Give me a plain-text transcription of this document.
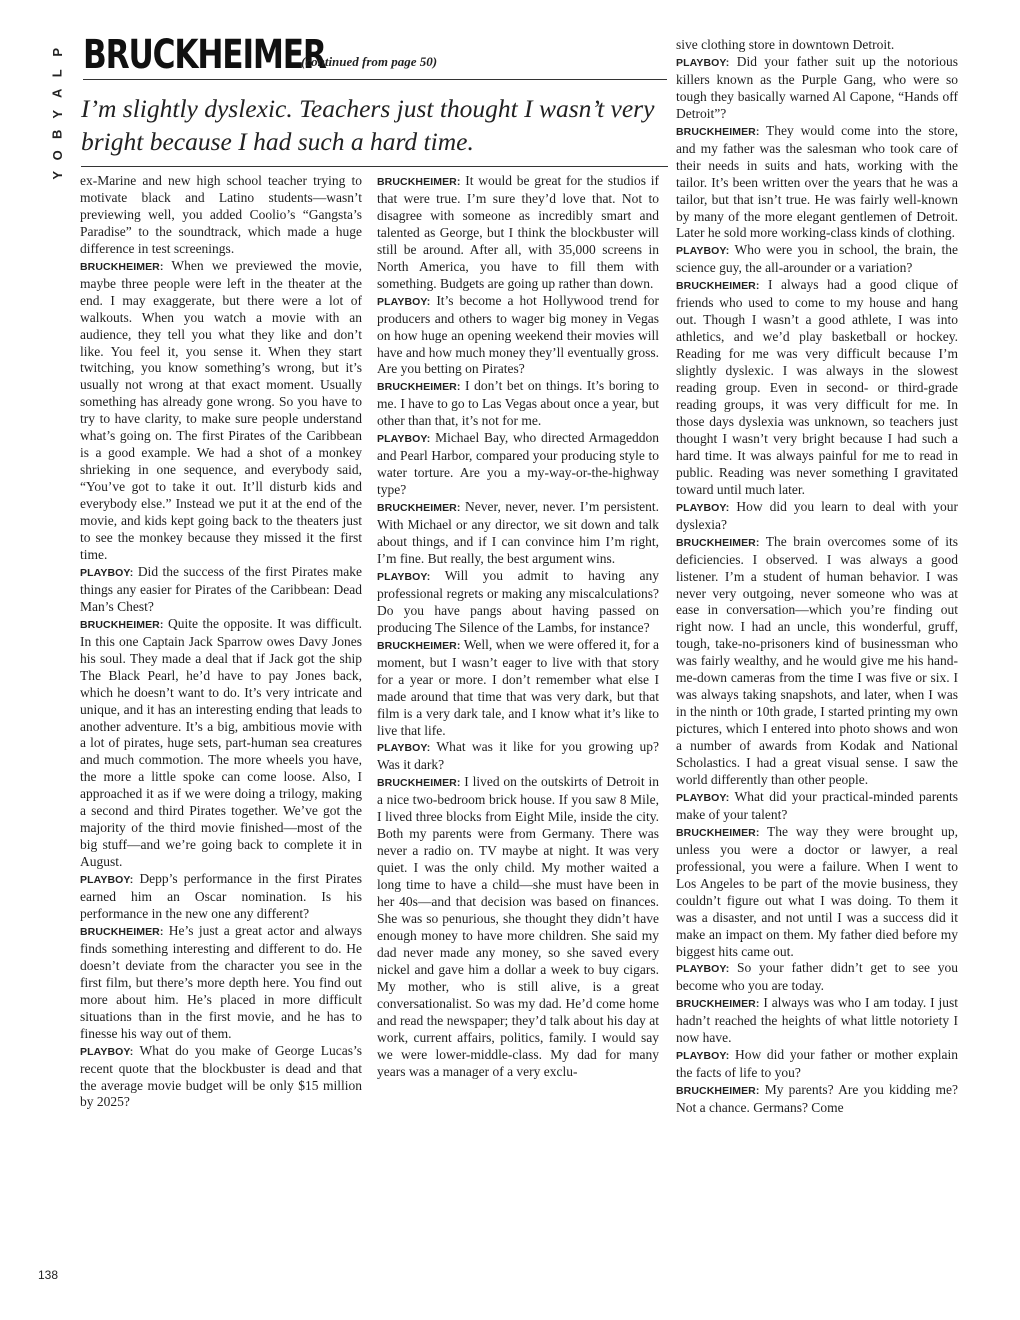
P
L
A
Y
B
O
Y
BRUCKHEIMER
(continued from page 50)
I’m slightly dyslexic. Teachers just thought I wasn’t very bright because I had such a hard time.

ex-Marine and new high school teacher trying to motivate black and Latino students—wasn’t previewing well, you added Coolio’s “Gangsta’s Paradise” to the soundtrack, which made a huge difference in test screenings.

BRUCKHEIMER: When we previewed the movie, maybe three people were left in the theater at the end. I may exaggerate, but there were a lot of walkouts. When you watch a movie with an audience, they tell you what they like and don’t like. You feel it, you sense it. When they start twitching, you know something’s wrong, but it’s usually not wrong at that exact moment. Usually something has already gone wrong. So you have to try to have clarity, to make sure people understand what’s going on. The first Pirates of the Caribbean is a good example. We had a shot of a monkey shrieking in one sequence, and everybody said, “You’ve got to take it out. It’ll disturb kids and everybody else.” Instead we put it at the end of the movie, and kids kept going back to the theaters just to see the monkey because they missed it the first time.

PLAYBOY: Did the success of the first Pirates make things any easier for Pirates of the Caribbean: Dead Man’s Chest?

BRUCKHEIMER: Quite the opposite. It was difficult. In this one Captain Jack Sparrow owes Davy Jones his soul. They made a deal that if Jack got the ship The Black Pearl, he’d have to pay Jones back, which he doesn’t want to do. It’s very intricate and unique, and it has an interesting ending that leads to another adventure. It’s a big, ambitious movie with a lot of pirates, huge sets, part-human sea creatures and much commotion. The more wheels you have, the more a little spoke can come loose. Also, I approached it as if we were doing a trilogy, making a second and third Pirates together. We’ve got the majority of the third movie finished—most of the big stuff—and we’re going back to complete it in August.

PLAYBOY: Depp’s performance in the first Pirates earned him an Oscar nomination. Is his performance in the new one any different?

BRUCKHEIMER: He’s just a great actor and always finds something interesting and different to do. He doesn’t deviate from the character you see in the first film, but there’s more depth here. You find out more about him. He’s placed in more difficult situations than in the first movie, and he has to finesse his way out of them.

PLAYBOY: What do you make of George Lucas’s recent quote that the blockbuster is dead and that the average movie budget will be only $15 million by 2025?

BRUCKHEIMER: It would be great for the studios if that were true. I’m sure they’d love that. Not to disagree with someone as incredibly smart and talented as George, but I think the blockbuster will still be around. After all, with 35,000 screens in North America, you have to fill them with something. Budgets are going up rather than down.

PLAYBOY: It’s become a hot Hollywood trend for producers and others to wager big money in Vegas on how huge an opening weekend their movies will have and how much money they’ll eventually gross. Are you betting on Pirates?

BRUCKHEIMER: I don’t bet on things. It’s boring to me. I have to go to Las Vegas about once a year, but other than that, it’s not for me.

PLAYBOY: Michael Bay, who directed Armageddon and Pearl Harbor, compared your producing style to water torture. Are you a my-way-or-the-highway type?

BRUCKHEIMER: Never, never, never. I’m persistent. With Michael or any director, we sit down and talk about things, and if I can convince him I’m right, I’m fine. But really, the best argument wins.

PLAYBOY: Will you admit to having any professional regrets or making any miscalculations? Do you have pangs about having passed on producing The Silence of the Lambs, for instance?

BRUCKHEIMER: Well, when we were offered it, for a moment, but I wasn’t eager to live with that story for a year or more. I don’t remember what else I made around that time that was very dark, but that film is a very dark tale, and I know what it’s like to live that life.

PLAYBOY: What was it like for you growing up? Was it dark?

BRUCKHEIMER: I lived on the outskirts of Detroit in a nice two-bedroom brick house. If you saw 8 Mile, I lived three blocks from Eight Mile, inside the city. Both my parents were from Germany. There was never a radio on. TV maybe at night. It was very quiet. I was the only child. My mother waited a long time to have a child—she must have been in her 40s—and that decision was based on finances. She was so penurious, she thought they didn’t have enough money to have more children. She said my dad never made any money, so she saved every nickel and gave him a dollar a week to buy cigars. My mother, who is still alive, is a great conversationalist. So was my dad. He’d come home and read the newspaper; they’d talk about his day at work, current affairs, politics, family. I would say we were lower-middle-class. My dad for many years was a manager of a very exclu-

sive clothing store in downtown Detroit.

PLAYBOY: Did your father suit up the notorious killers known as the Purple Gang, who were so tough they basically warned Al Capone, “Hands off Detroit”?

BRUCKHEIMER: They would come into the store, and my father was the salesman who took care of their needs in suits and hats, working with the tailor. It’s been written over the years that he was a tailor, but that isn’t true. He was fairly well-known by many of the more elegant gentlemen of Detroit. Later he sold more working-class kinds of clothing.

PLAYBOY: Who were you in school, the brain, the science guy, the all-arounder or a variation?

BRUCKHEIMER: I always had a good clique of friends who used to come to my house and hang out. Though I wasn’t a good athlete, I was into athletics, and we’d play basketball or hockey. Reading for me was very difficult because I’m slightly dyslexic. I was always in the slowest reading group. Even in second- or third-grade reading groups, it was very difficult for me. In those days dyslexia was unknown, so teachers just thought I wasn’t very bright because I had such a hard time. It was always painful for me to read in public. Reading was never something I gravitated toward until much later.

PLAYBOY: How did you learn to deal with your dyslexia?

BRUCKHEIMER: The brain overcomes some of its deficiencies. I observed. I was always a good listener. I’m a student of human behavior. I was never very outgoing, never someone who was at ease in conversation—which you’re finding out right now. I had an uncle, this wonderful, gruff, tough, take-no-prisoners kind of businessman who was fairly wealthy, and he would give me his hand-me-down cameras from the time I was five or six. I was always taking snapshots, and later, when I was in the ninth or 10th grade, I started printing my own pictures, which I entered into photo shows and won a number of awards from Kodak and National Scholastics. I had a great visual sense. I saw the world differently than other people.

PLAYBOY: What did your practical-minded parents make of your talent?

BRUCKHEIMER: The way they were brought up, unless you were a doctor or lawyer, a real professional, you were a failure. When I went to Los Angeles to be part of the movie business, they couldn’t figure out what I was doing. To them it was a disaster, and not until I was a success did it make an impact on them. My father died before my biggest hits came out.

PLAYBOY: So your father didn’t get to see you become who you are today.

BRUCKHEIMER: I always was who I am today. I just hadn’t reached the heights of what little notoriety I now have.

PLAYBOY: How did your father or mother explain the facts of life to you?

BRUCKHEIMER: My parents? Are you kidding me? Not a chance. Germans? Come

138
